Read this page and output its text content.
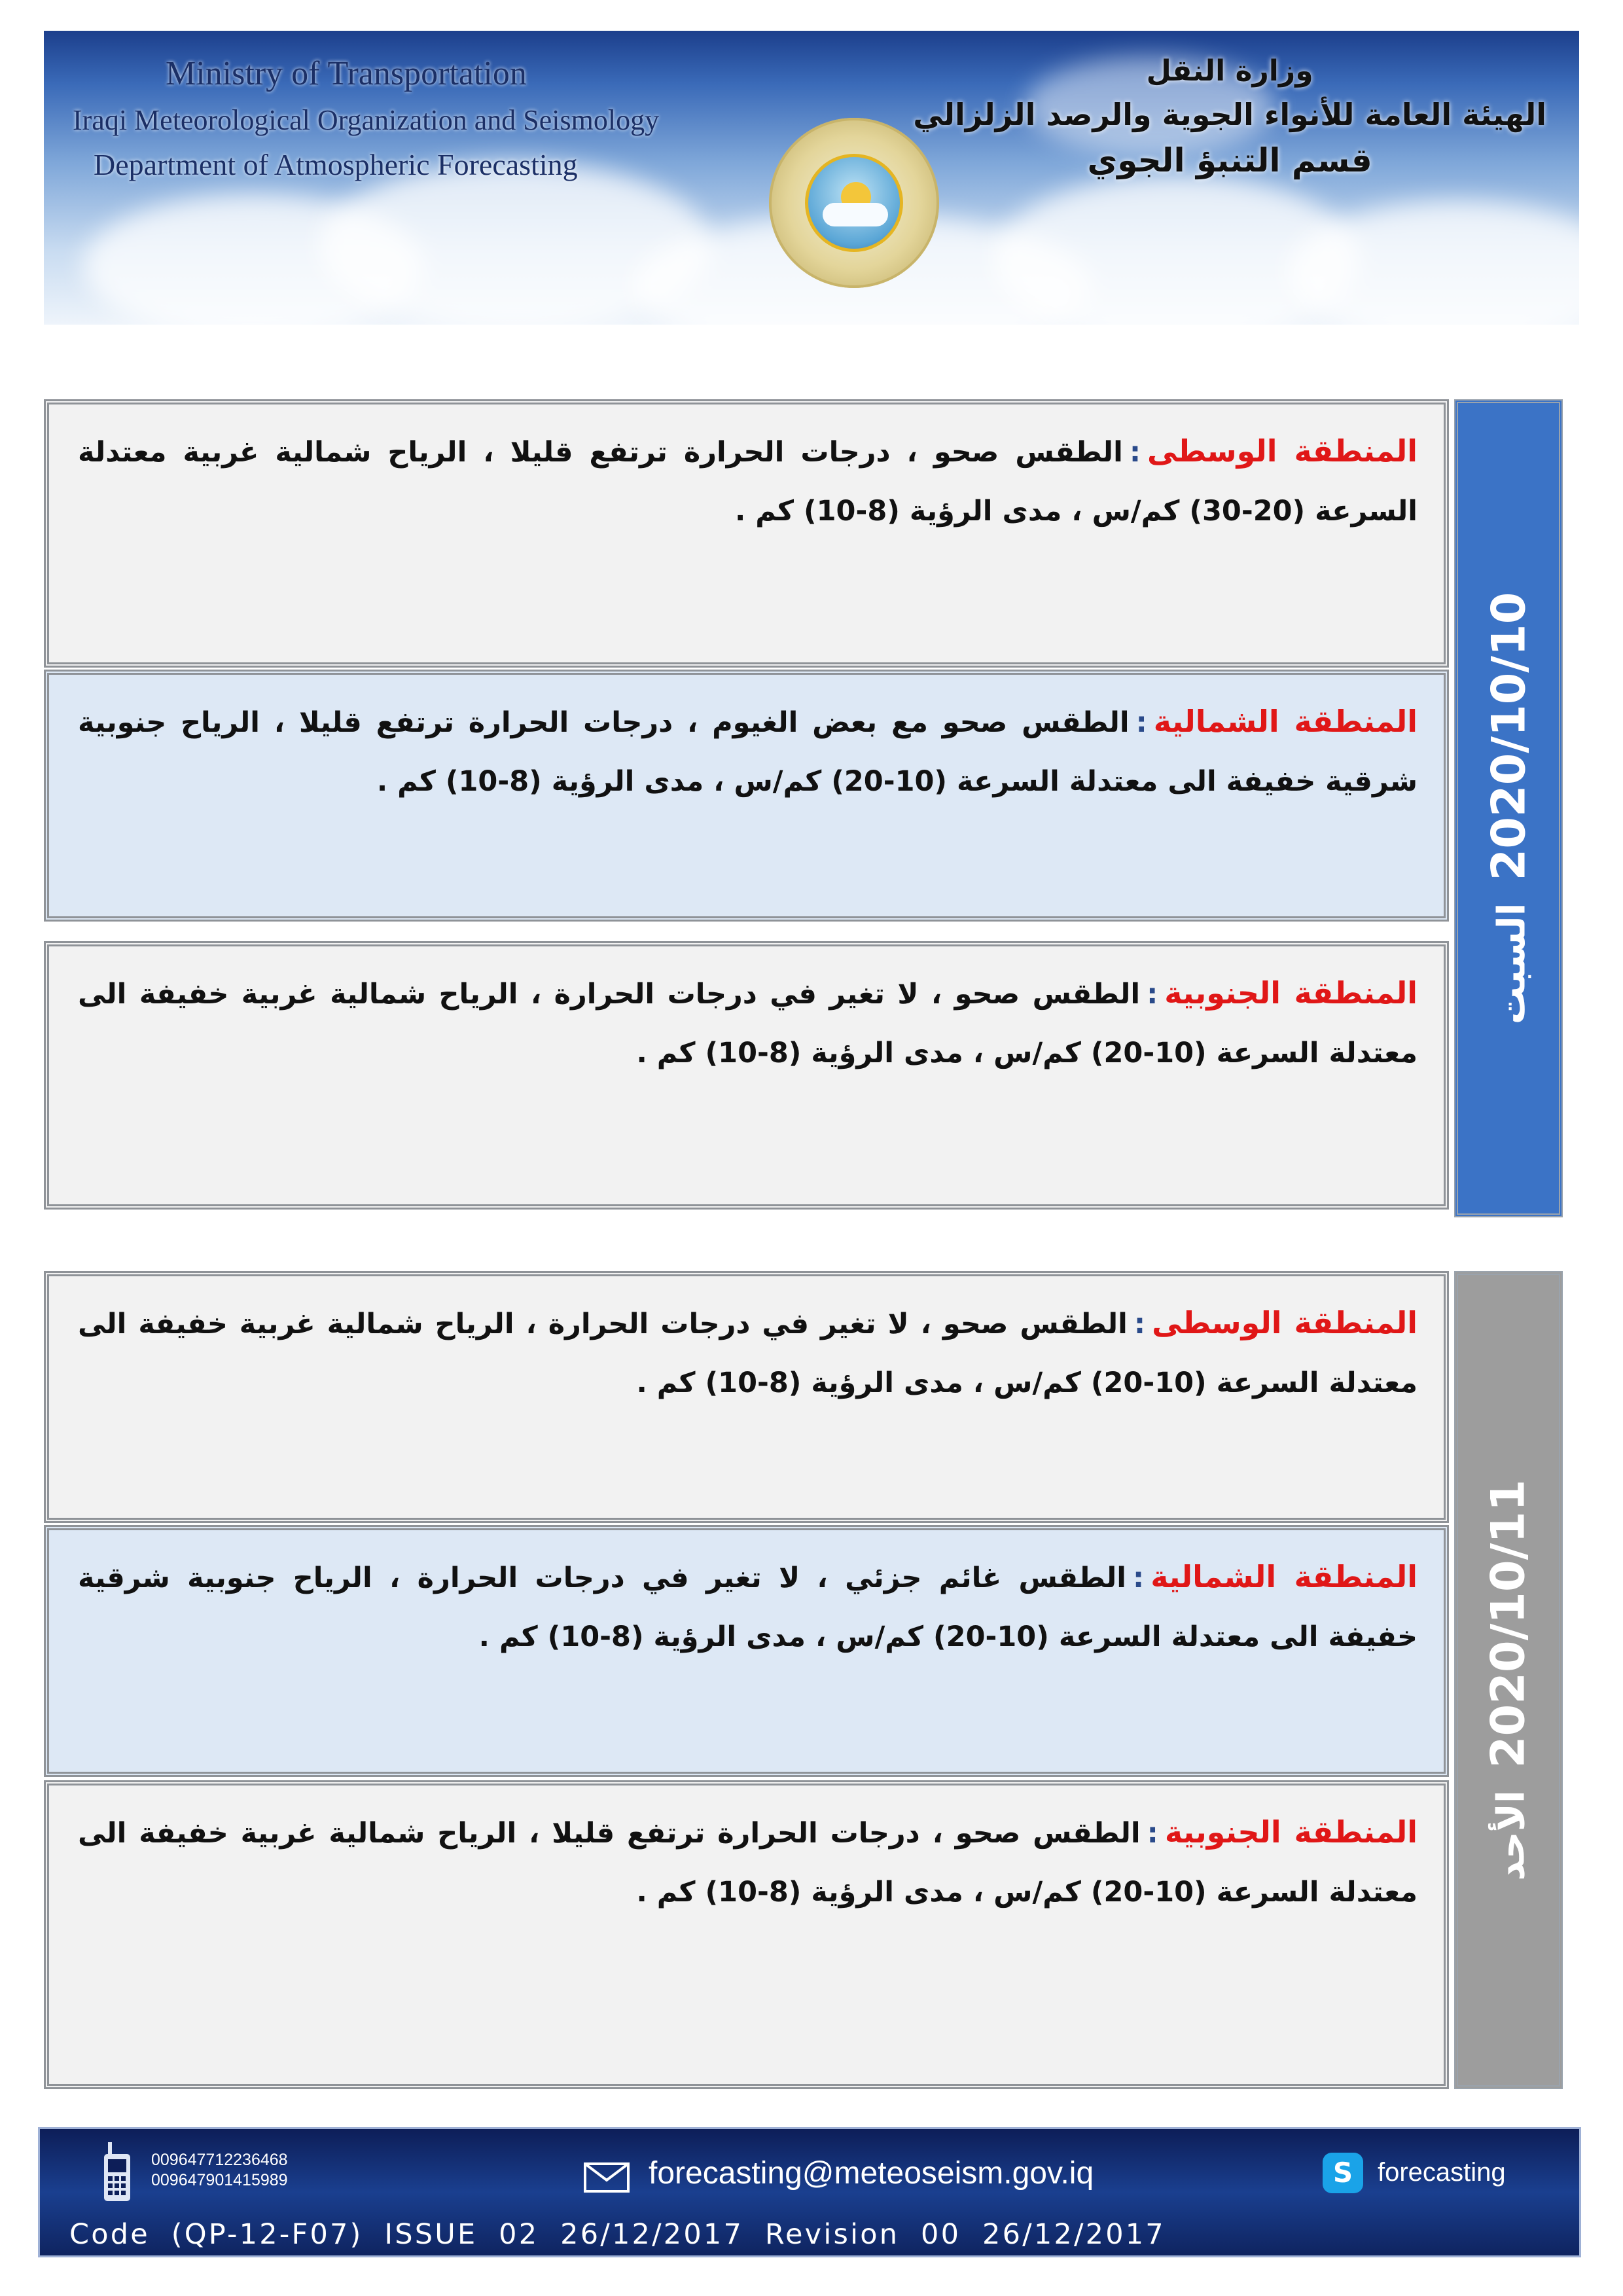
Ministry of Transportation
Iraqi Meteorological Organization and Seismology
Department of Atmospheric Forecasting
وزارة النقل
الهيئة العامة للأنواء الجوية والرصد الزلزالي
قسم التنبؤ الجوي
2020/10/10السبت
المنطقة الوسطى:الطقس صحو ، درجات الحرارة ترتفع قليلا ، الرياح شمالية غربية معتدلة السرعة (20-30) كم/س ، مدى الرؤية (8-10) كم .
المنطقة الشمالية:الطقس صحو مع بعض الغيوم ، درجات الحرارة ترتفع قليلا ، الرياح جنوبية شرقية خفيفة الى معتدلة السرعة (10-20) كم/س ، مدى الرؤية (8-10) كم .
المنطقة الجنوبية:الطقس صحو ، لا تغير في درجات الحرارة ، الرياح شمالية غربية خفيفة الى معتدلة السرعة (10-20) كم/س ، مدى الرؤية (8-10) كم .
2020/10/11الأحد
المنطقة الوسطى:الطقس صحو ، لا تغير في درجات الحرارة ، الرياح شمالية غربية خفيفة الى معتدلة السرعة (10-20) كم/س ، مدى الرؤية (8-10) كم .
المنطقة الشمالية:الطقس غائم جزئي ، لا تغير في درجات الحرارة ، الرياح جنوبية شرقية خفيفة الى معتدلة السرعة (10-20) كم/س ، مدى الرؤية (8-10) كم .
المنطقة الجنوبية:الطقس صحو ، درجات الحرارة ترتفع قليلا ، الرياح شمالية غربية خفيفة الى معتدلة السرعة (10-20) كم/س ، مدى الرؤية (8-10) كم .
009647712236468
009647901415989	forecasting@meteoseism.gov.iq	S forecasting
Code (QP-12-F07) ISSUE 02 26/12/2017 Revision 00 26/12/2017
